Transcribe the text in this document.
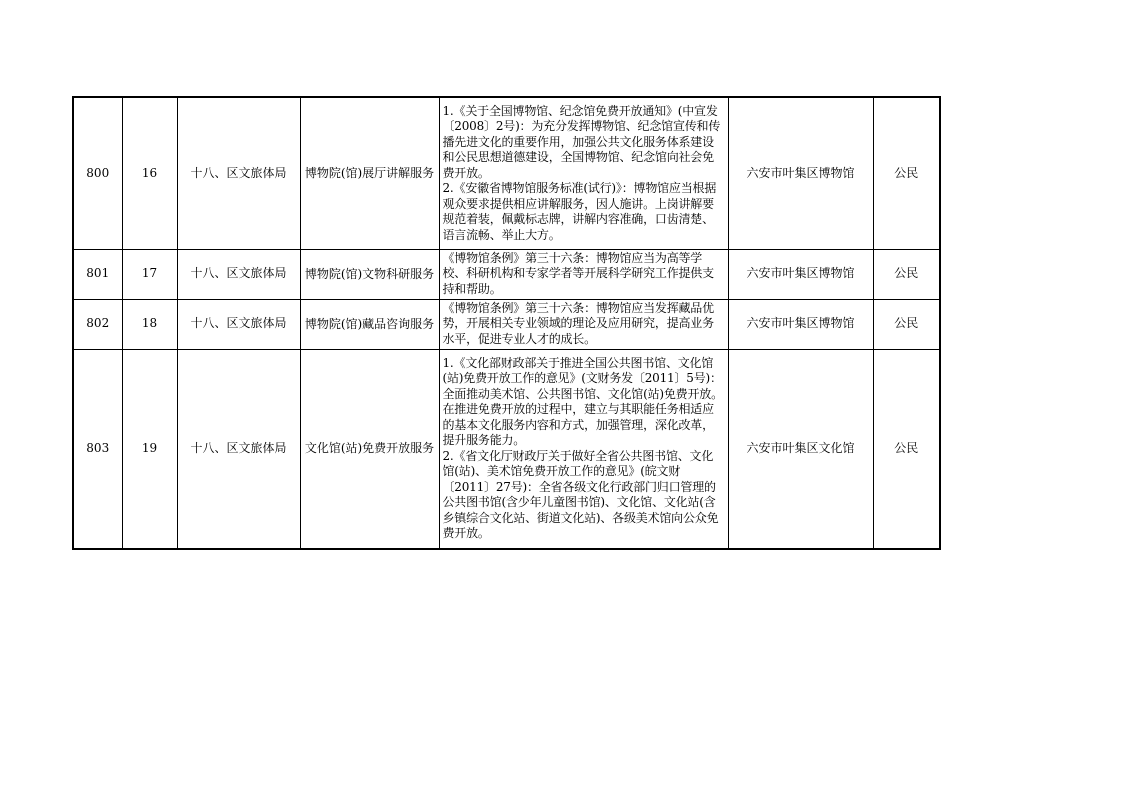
800	16	十八、区文旅体局	博物院(馆)展厅讲解服务	1.《关于全国博物馆、纪念馆免费开放通知》(中宣发〔2008〕2号)：为充分发挥博物馆、纪念馆宣传和传播先进文化的重要作用，加强公共文化服务体系建设和公民思想道德建设，全国博物馆、纪念馆向社会免费开放。
2.《安徽省博物馆服务标准(试行)》：博物馆应当根据观众要求提供相应讲解服务，因人施讲。上岗讲解要规范着装，佩戴标志牌，讲解内容准确，口齿清楚、语言流畅、举止大方。	六安市叶集区博物馆	公民
801	17	十八、区文旅体局	博物院(馆)文物科研服务	《博物馆条例》第三十六条：博物馆应当为高等学校、科研机构和专家学者等开展科学研究工作提供支持和帮助。	六安市叶集区博物馆	公民
802	18	十八、区文旅体局	博物院(馆)藏品咨询服务	《博物馆条例》第三十六条：博物馆应当发挥藏品优势，开展相关专业领域的理论及应用研究，提高业务水平，促进专业人才的成长。	六安市叶集区博物馆	公民
803	19	十八、区文旅体局	文化馆(站)免费开放服务	1.《文化部财政部关于推进全国公共图书馆、文化馆(站)免费开放工作的意见》(文财务发〔2011〕5号)：全面推动美术馆、公共图书馆、文化馆(站)免费开放。在推进免费开放的过程中，建立与其职能任务相适应的基本文化服务内容和方式，加强管理，深化改革，提升服务能力。
2.《省文化厅财政厅关于做好全省公共图书馆、文化馆(站)、美术馆免费开放工作的意见》(皖文财〔2011〕27号)：全省各级文化行政部门归口管理的公共图书馆(含少年儿童图书馆)、文化馆、文化站(含乡镇综合文化站、街道文化站)、各级美术馆向公众免费开放。	六安市叶集区文化馆	公民
